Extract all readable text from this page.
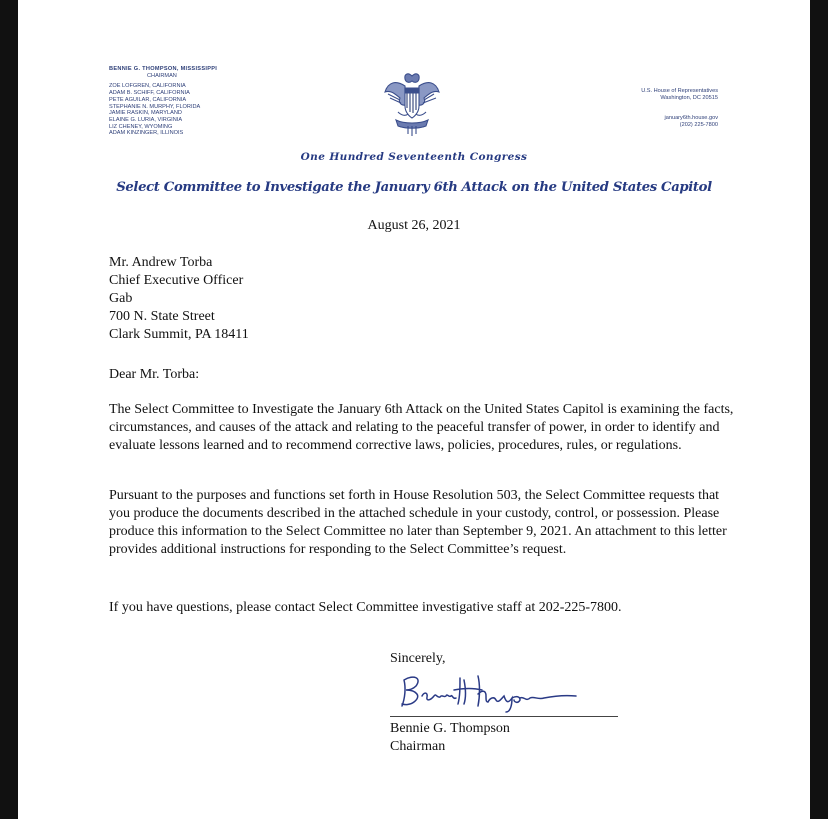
BENNIE G. THOMPSON, MISSISSIPPI
CHAIRMAN
ZOE LOFGREN, CALIFORNIA
ADAM B. SCHIFF, CALIFORNIA
PETE AGUILAR, CALIFORNIA
STEPHANIE N. MURPHY, FLORIDA
JAMIE RASKIN, MARYLAND
ELAINE G. LURIA, VIRGINIA
LIZ CHENEY, WYOMING
ADAM KINZINGER, ILLINOIS
U.S. House of Representatives
Washington, DC 20515
january6th.house.gov
(202) 225-7800
One Hundred Seventeenth Congress
Select Committee to Investigate the January 6th Attack on the United States Capitol
August 26, 2021
Mr. Andrew Torba
Chief Executive Officer
Gab
700 N. State Street
Clark Summit, PA 18411
Dear Mr. Torba:
The Select Committee to Investigate the January 6th Attack on the United States Capitol is examining the facts, circumstances, and causes of the attack and relating to the peaceful transfer of power, in order to identify and evaluate lessons learned and to recommend corrective laws, policies, procedures, rules, or regulations.
Pursuant to the purposes and functions set forth in House Resolution 503, the Select Committee requests that you produce the documents described in the attached schedule in your custody, control, or possession. Please produce this information to the Select Committee no later than September 9, 2021. An attachment to this letter provides additional instructions for responding to the Select Committee’s request.
If you have questions, please contact Select Committee investigative staff at 202-225-7800.
Sincerely,
Bennie G. Thompson
Chairman
